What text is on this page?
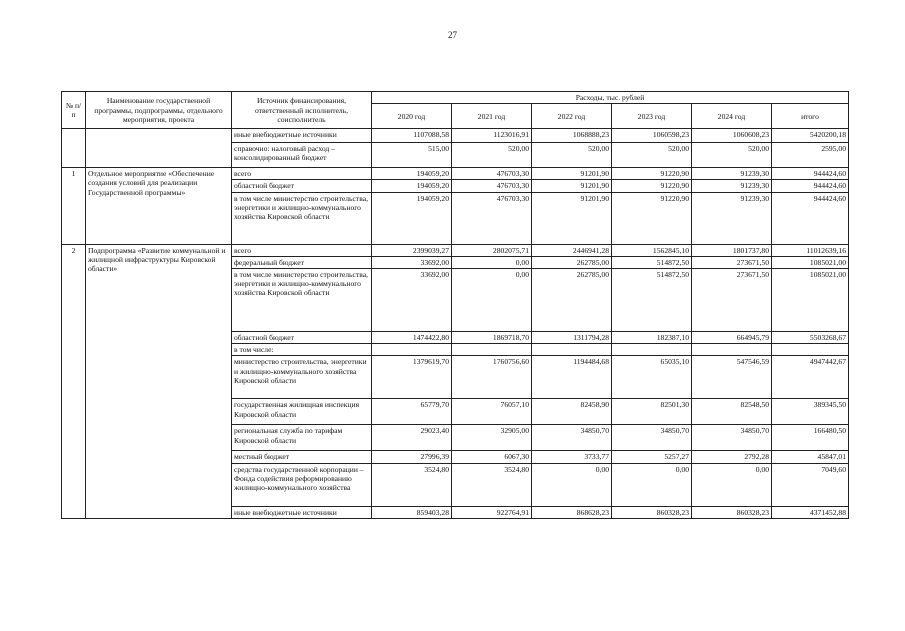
27
№ п/п	Наименование государственной программы, подпрограммы, отдельного мероприятия, проекта	Источник финансирования, ответственный исполнитель, соисполнитель	Расходы, тыс. рублей					
			2020 год	2021 год	2022 год	2023 год	2024 год	итого
		иные внебюджетные источники	1107088,58	1123016,91	1068888,23	1060598,23	1060608,23	5420200,18
		справочно: налоговый расход – консолидированный бюджет	515,00	520,00	520,00	520,00	520,00	2595,00
1	Отдельное мероприятие «Обеспечение создания условий для реализации Государственной программы»	всего	194059,20	476703,30	91201,90	91220,90	91239,30	944424,60
		областной бюджет	194059,20	476703,30	91201,90	91220,90	91239,30	944424,60
		в том числе министерство строительства, энергетики и жилищно-коммунального хозяйства Кировской области	194059,20	476703,30	91201,90	91220,90	91239,30	944424,60
2	Подпрограмма «Развитие коммунальной и жилищной инфраструктуры Кировской области»	всего	2399039,27	2802075,71	2446941,28	1562845,10	1801737,80	11012639,16
		федеральный бюджет	33692,00	0,00	262785,00	514872,50	273671,50	1085021,00
		в том числе министерство строительства, энергетики и жилищно-коммунального хозяйства Кировской области	33692,00	0,00	262785,00	514872,50	273671,50	1085021,00
		областной бюджет	1474422,80	1869718,70	1311794,28	182387,10	664945,79	5503268,67
		в том числе:						
		министерство строительства, энергетики и жилищно-коммунального хозяйства Кировской области	1379619,70	1760756,60	1194484,68	65035,10	547546,59	4947442,67
		государственная жилищная инспекция Кировской области	65779,70	76057,10	82458,90	82501,30	82548,50	389345,50
		региональная служба по тарифам Кировской области	29023,40	32905,00	34850,70	34850,70	34850,70	166480,50
		местный бюджет	27996,39	6067,30	3733,77	5257,27	2792,28	45847,01
		средства государственной корпорации – Фонда содействия реформированию жилищно-коммунального хозяйства	3524,80	3524,80	0,00	0,00	0,00	7049,60
		иные внебюджетные источники	859403,28	922764,91	868628,23	860328,23	860328,23	4371452,88
